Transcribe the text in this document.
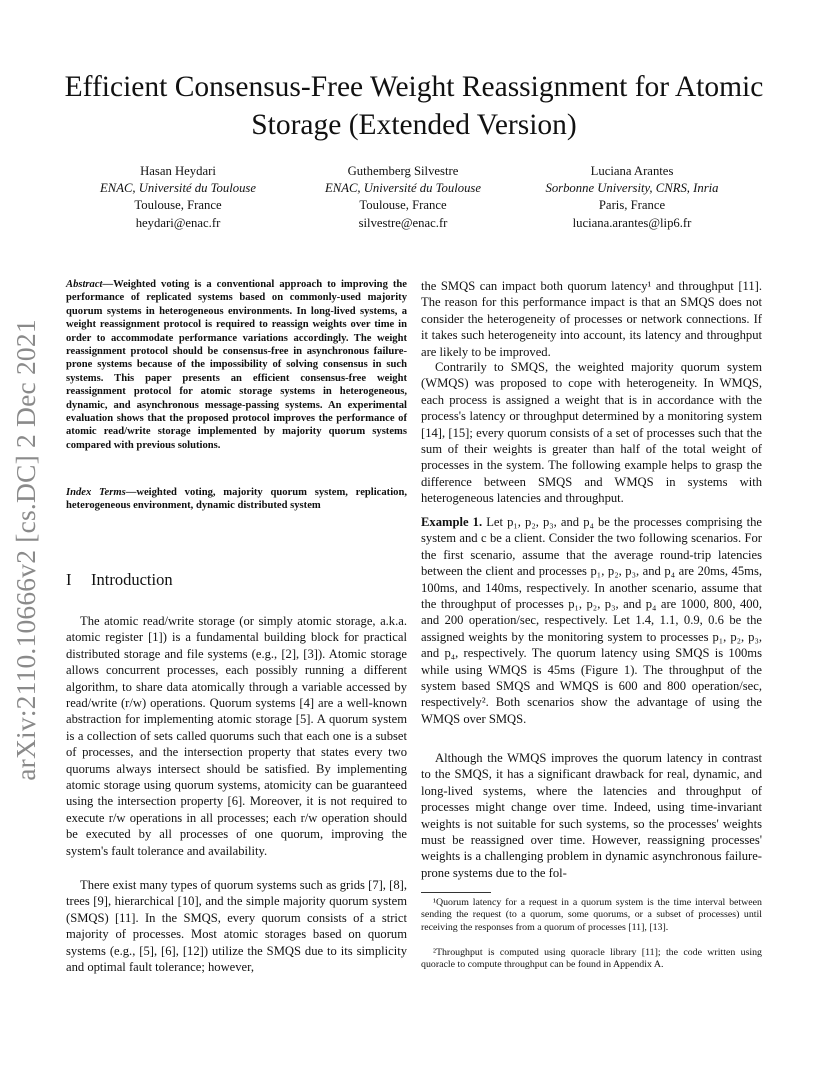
Efficient Consensus-Free Weight Reassignment for Atomic Storage (Extended Version)
Hasan Heydari
ENAC, Université du Toulouse
Toulouse, France
heydari@enac.fr
Guthemberg Silvestre
ENAC, Université du Toulouse
Toulouse, France
silvestre@enac.fr
Luciana Arantes
Sorbonne University, CNRS, Inria
Paris, France
luciana.arantes@lip6.fr
arXiv:2110.10666v2 [cs.DC] 2 Dec 2021
Abstract—Weighted voting is a conventional approach to improving the performance of replicated systems based on commonly-used majority quorum systems in heterogeneous environments. In long-lived systems, a weight reassignment protocol is required to reassign weights over time in order to accommodate performance variations accordingly. The weight reassignment protocol should be consensus-free in asynchronous failure-prone systems because of the impossibility of solving consensus in such systems. This paper presents an efficient consensus-free weight reassignment protocol for atomic storage systems in heterogeneous, dynamic, and asynchronous message-passing systems. An experimental evaluation shows that the proposed protocol improves the performance of atomic read/write storage implemented by majority quorum systems compared with previous solutions.
Index Terms—weighted voting, majority quorum system, replication, heterogeneous environment, dynamic distributed system
I Introduction
The atomic read/write storage (or simply atomic storage, a.k.a. atomic register [1]) is a fundamental building block for practical distributed storage and file systems (e.g., [2], [3]). Atomic storage allows concurrent processes, each possibly running a different algorithm, to share data atomically through a variable accessed by read/write (r/w) operations. Quorum systems [4] are a well-known abstraction for implementing atomic storage [5]. A quorum system is a collection of sets called quorums such that each one is a subset of processes, and the intersection property that states every two quorums always intersect should be satisfied. By implementing atomic storage using quorum systems, atomicity can be guaranteed using the intersection property [6]. Moreover, it is not required to execute r/w operations in all processes; each r/w operation should be executed by all processes of one quorum, improving the system's fault tolerance and availability.
There exist many types of quorum systems such as grids [7], [8], trees [9], hierarchical [10], and the simple majority quorum system (SMQS) [11]. In the SMQS, every quorum consists of a strict majority of processes. Most atomic storages based on quorum systems (e.g., [5], [6], [12]) utilize the SMQS due to its simplicity and optimal fault tolerance; however,
the SMQS can impact both quorum latency¹ and throughput [11]. The reason for this performance impact is that an SMQS does not consider the heterogeneity of processes or network connections. If it takes such heterogeneity into account, its latency and throughput are likely to be improved.
Contrarily to SMQS, the weighted majority quorum system (WMQS) was proposed to cope with heterogeneity. In WMQS, each process is assigned a weight that is in accordance with the process's latency or throughput determined by a monitoring system [14], [15]; every quorum consists of a set of processes such that the sum of their weights is greater than half of the total weight of processes in the system. The following example helps to grasp the difference between SMQS and WMQS in systems with heterogeneous latencies and throughput.
Example 1. Let p₁, p₂, p₃, and p₄ be the processes comprising the system and c be a client. Consider the two following scenarios. For the first scenario, assume that the average round-trip latencies between the client and processes p₁, p₂, p₃, and p₄ are 20ms, 45ms, 100ms, and 140ms, respectively. In another scenario, assume that the throughput of processes p₁, p₂, p₃, and p₄ are 1000, 800, 400, and 200 operation/sec, respectively. Let 1.4, 1.1, 0.9, 0.6 be the assigned weights by the monitoring system to processes p₁, p₂, p₃, and p₄, respectively. The quorum latency using SMQS is 100ms while using WMQS is 45ms (Figure 1). The throughput of the system based SMQS and WMQS is 600 and 800 operation/sec, respectively². Both scenarios show the advantage of using the WMQS over SMQS.
Although the WMQS improves the quorum latency in contrast to the SMQS, it has a significant drawback for real, dynamic, and long-lived systems, where the latencies and throughput of processes might change over time. Indeed, using time-invariant weights is not suitable for such systems, so the processes' weights must be reassigned over time. However, reassigning processes' weights is a challenging problem in dynamic asynchronous failure-prone systems due to the fol-
¹Quorum latency for a request in a quorum system is the time interval between sending the request (to a quorum, some quorums, or a subset of processes) until receiving the responses from a quorum of processes [11], [13].
²Throughput is computed using quoracle library [11]; the code written using quoracle to compute throughput can be found in Appendix A.
